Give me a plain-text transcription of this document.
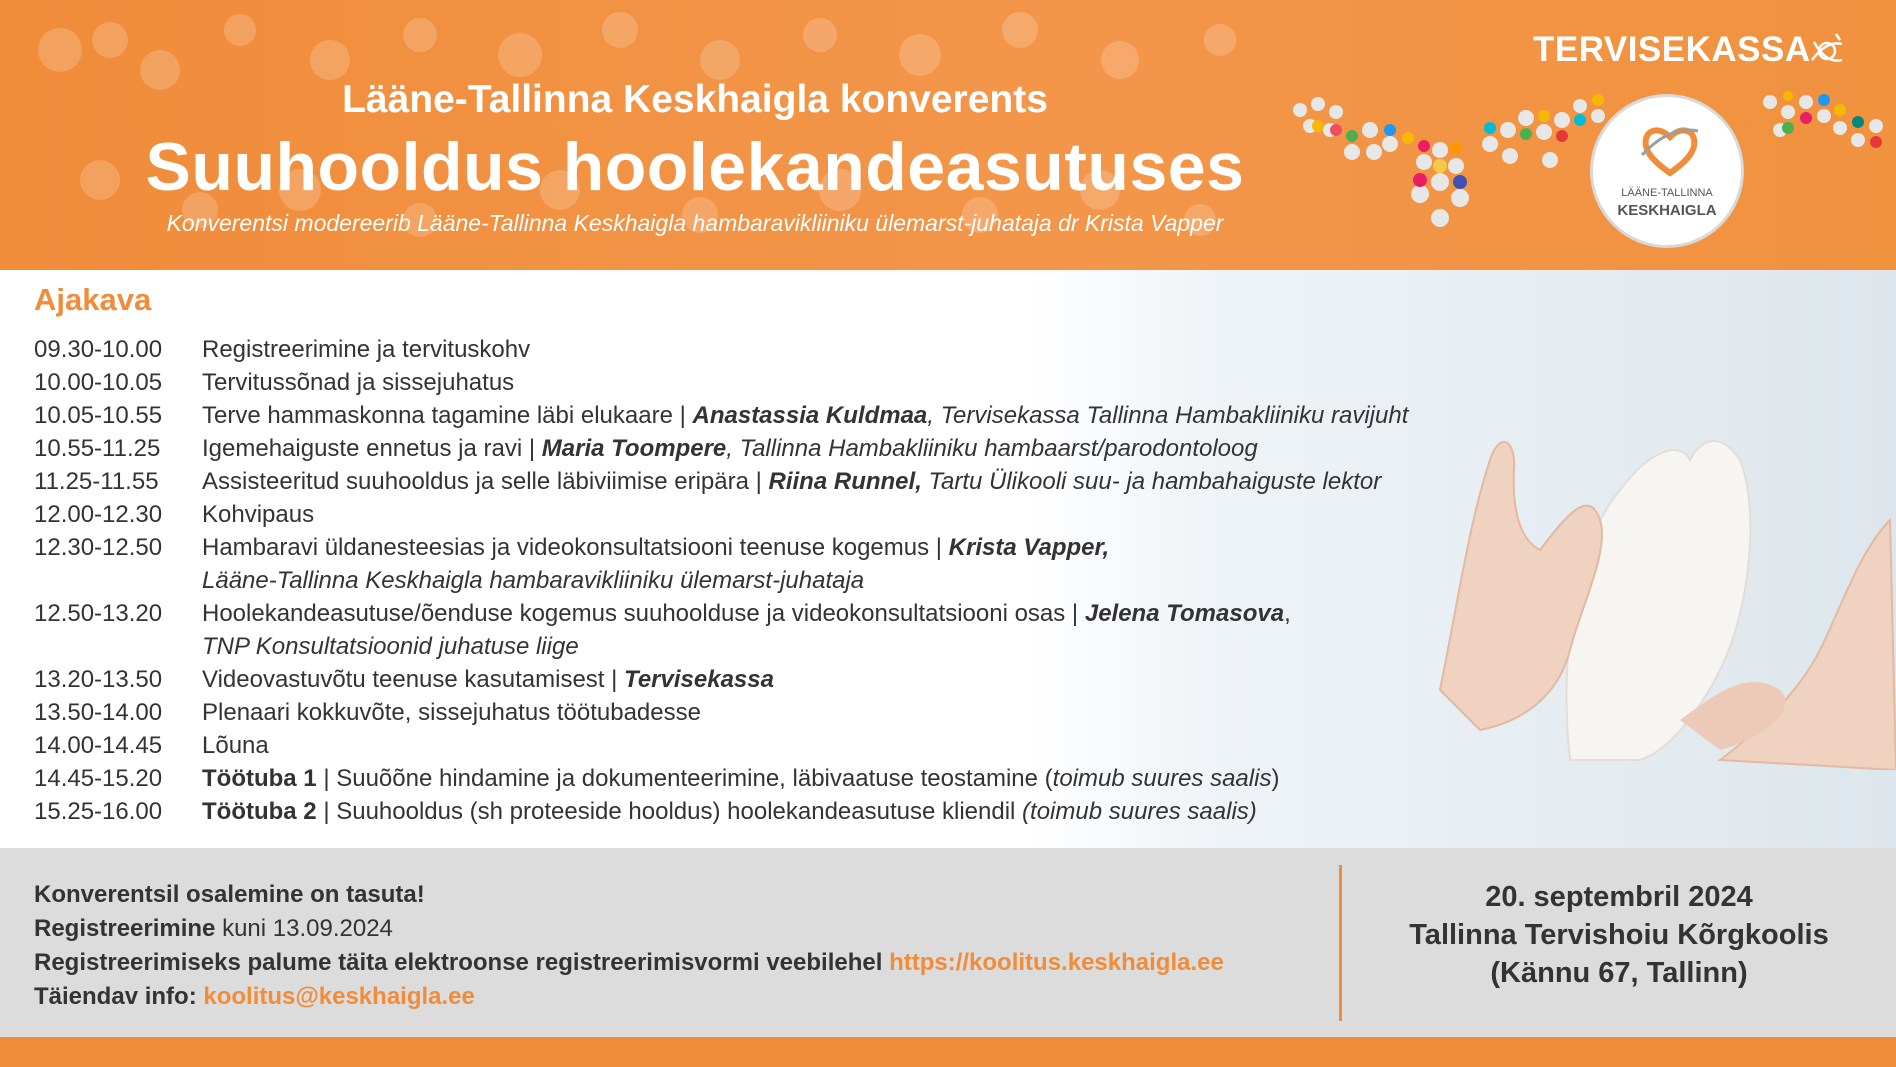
Lääne-Tallinna Keskhaigla konverents
Suuhooldus hoolekandeasutuses
Konverentsi modereerib Lääne-Tallinna Keskhaigla hambaravikliiniku ülemarst-juhataja dr Krista Vapper
TERVISEKASSA
LÄÄNE-TALLINNA
KESKHAIGLA
Ajakava
09.30-10.00 Registreerimine ja tervituskohv
10.00-10.05 Tervitussõnad ja sissejuhatus
10.05-10.55 Terve hammaskonna tagamine läbi elukaare | Anastassia Kuldmaa, Tervisekassa Tallinna Hambakliiniku ravijuht
10.55-11.25 Igemehaiguste ennetus ja ravi | Maria Toompere, Tallinna Hambakliiniku hambaarst/parodontoloog
11.25-11.55 Assisteeritud suuhooldus ja selle läbiviimise eripära | Riina Runnel, Tartu Ülikooli suu- ja hambahaiguste lektor
12.00-12.30 Kohvipaus
12.30-12.50 Hambaravi üldanesteesias ja videokonsultatsiooni teenuse kogemus | Krista Vapper,
Lääne-Tallinna Keskhaigla hambaravikliiniku ülemarst-juhataja
12.50-13.20 Hoolekandeasutuse/õenduse kogemus suuhoolduse ja videokonsultatsiooni osas | Jelena Tomasova,
TNP Konsultatsioonid juhatuse liige
13.20-13.50 Videovastuvõtu teenuse kasutamisest | Tervisekassa
13.50-14.00 Plenaari kokkuvõte, sissejuhatus töötubadesse
14.00-14.45 Lõuna
14.45-15.20 Töötuba 1 | Suuõõne hindamine ja dokumenteerimine, läbivaatuse teostamine (toimub suures saalis)
15.25-16.00 Töötuba 2 | Suuhooldus (sh proteeside hooldus) hoolekandeasutuse kliendil (toimub suures saalis)
Konverentsil osalemine on tasuta!
Registreerimine kuni 13.09.2024
Registreerimiseks palume täita elektroonse registreerimisvormi veebilehel https://koolitus.keskhaigla.ee
Täiendav info: koolitus@keskhaigla.ee
20. septembril 2024
Tallinna Tervishoiu Kõrgkoolis
(Kännu 67, Tallinn)
